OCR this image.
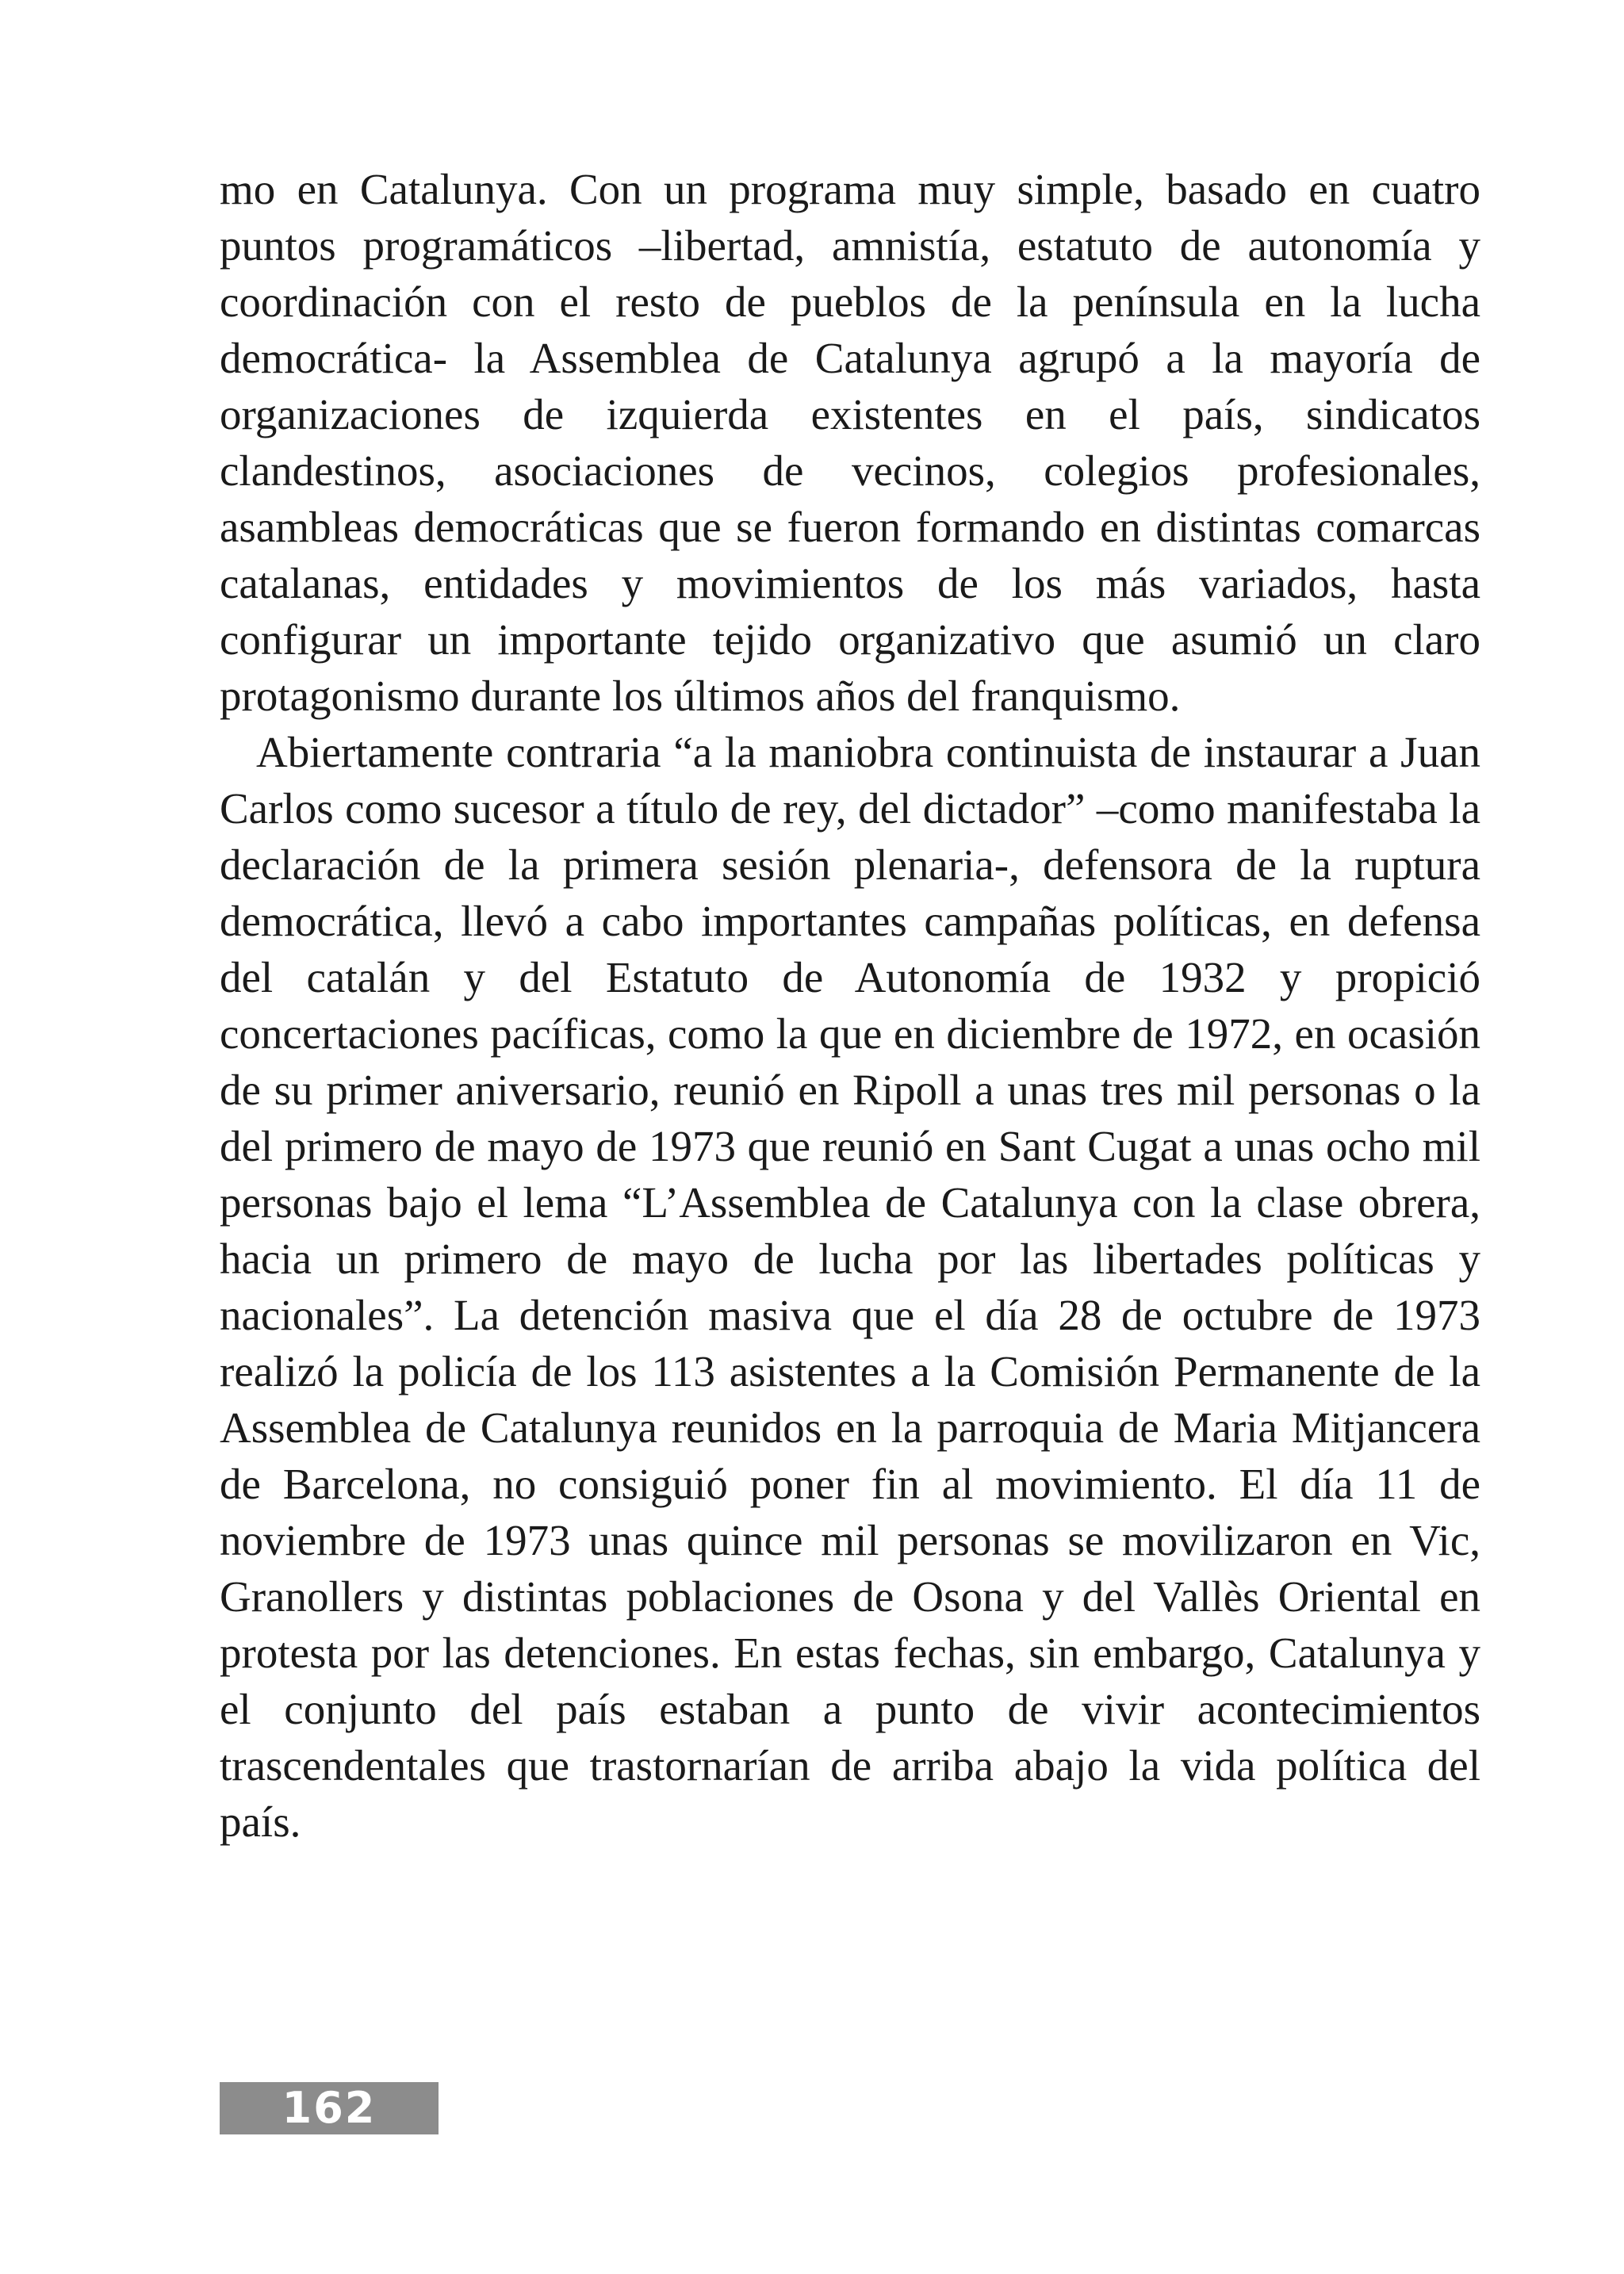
mo en Catalunya. Con un programa muy simple, basado en cuatro puntos programáticos –libertad, amnistía, estatuto de autonomía y coordinación con el resto de pueblos de la península en la lucha democrática- la Assemblea de Catalunya agrupó a la mayoría de organizaciones de izquierda existentes en el país, sindicatos clandestinos, asociaciones de vecinos, colegios profesionales, asambleas democráticas que se fueron formando en distintas comarcas catalanas, entidades y movimientos de los más variados, hasta configurar un importante tejido organizativo que asumió un claro protagonismo durante los últimos años del franquismo.

Abiertamente contraria “a la maniobra continuista de instaurar a Juan Carlos como sucesor a título de rey, del dictador” –como manifestaba la declaración de la primera sesión plenaria-, defensora de la ruptura democrática, llevó a cabo importantes campañas políticas, en defensa del catalán y del Estatuto de Autonomía de 1932 y propició concertaciones pacíficas, como la que en diciembre de 1972, en ocasión de su primer aniversario, reunió en Ripoll a unas tres mil personas o la del primero de mayo de 1973 que reunió en Sant Cugat a unas ocho mil personas bajo el lema “L’Assemblea de Catalunya con la clase obrera, hacia un primero de mayo de lucha por las libertades políticas y nacionales”. La detención masiva que el día 28 de octubre de 1973 realizó la policía de los 113 asistentes a la Comisión Permanente de la Assemblea de Catalunya reunidos en la parroquia de Maria Mitjancera de Barcelona, no consiguió poner fin al movimiento. El día 11 de noviembre de 1973 unas quince mil personas se movilizaron en Vic, Granollers y distintas poblaciones de Osona y del Vallès Oriental en protesta por las detenciones. En estas fechas, sin embargo, Catalunya y el conjunto del país estaban a punto de vivir acontecimientos trascendentales que trastornarían de arriba abajo la vida política del país.

162
